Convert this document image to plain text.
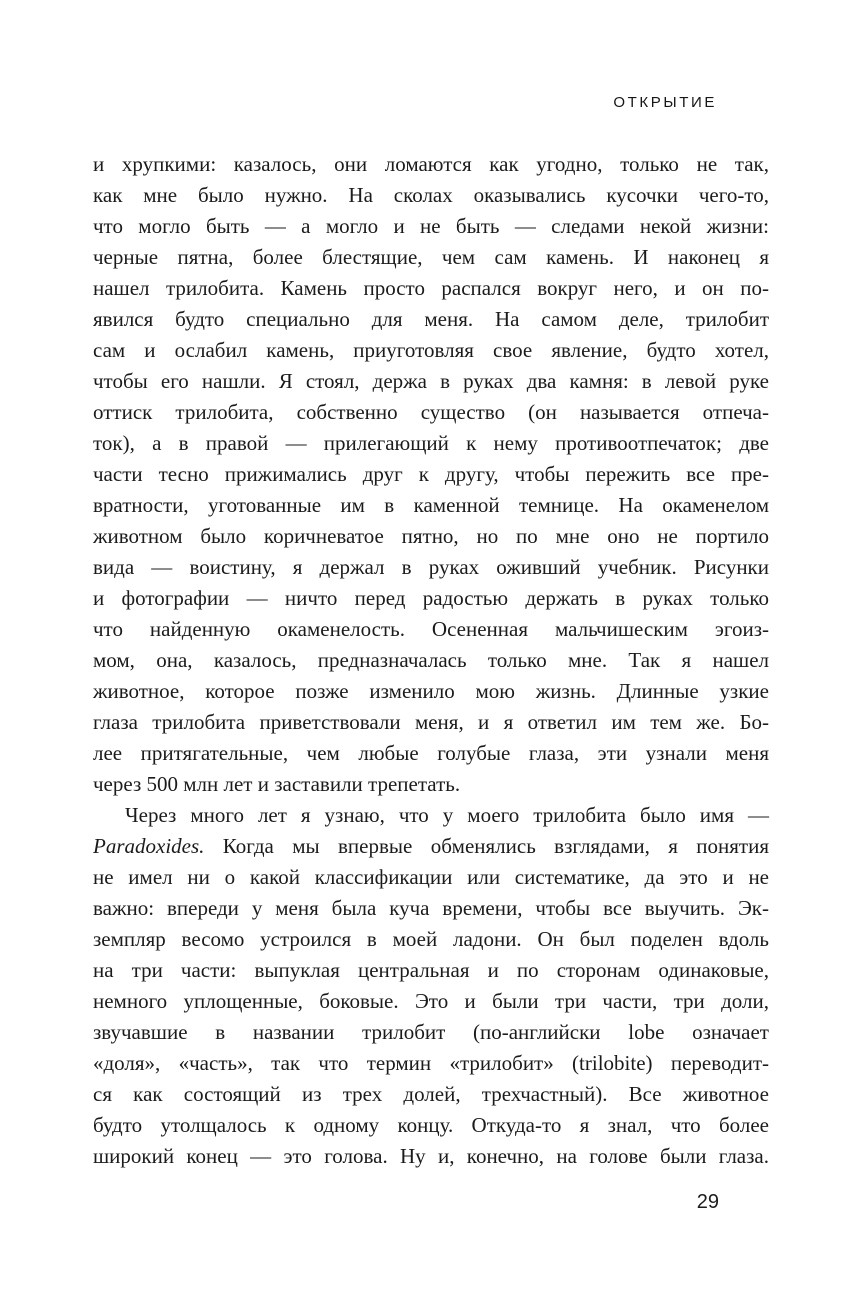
ОТКРЫТИЕ
и хрупкими: казалось, они ломаются как угодно, только не так,
как мне было нужно. На сколах оказывались кусочки чего-то,
что могло быть — а могло и не быть — следами некой жизни:
черные пятна, более блестящие, чем сам камень. И наконец я
нашел трилобита. Камень просто распался вокруг него, и он по-
явился будто специально для меня. На самом деле, трилобит
сам и ослабил камень, приуготовляя свое явление, будто хотел,
чтобы его нашли. Я стоял, держа в руках два камня: в левой руке
оттиск трилобита, собственно существо (он называется отпеча-
ток), а в правой — прилегающий к нему противоотпечаток; две
части тесно прижимались друг к другу, чтобы пережить все пре-
вратности, уготованные им в каменной темнице. На окаменелом
животном было коричневатое пятно, но по мне оно не портило
вида — воистину, я держал в руках оживший учебник. Рисунки
и фотографии — ничто перед радостью держать в руках только
что найденную окаменелость. Осененная мальчишеским эгоиз-
мом, она, казалось, предназначалась только мне. Так я нашел
животное, которое позже изменило мою жизнь. Длинные узкие
глаза трилобита приветствовали меня, и я ответил им тем же. Бо-
лее притягательные, чем любые голубые глаза, эти узнали меня
через 500 млн лет и заставили трепетать.
Через много лет я узнаю, что у моего трилобита было имя —
Paradoxides. Когда мы впервые обменялись взглядами, я понятия
не имел ни о какой классификации или систематике, да это и не
важно: впереди у меня была куча времени, чтобы все выучить. Эк-
земпляр весомо устроился в моей ладони. Он был поделен вдоль
на три части: выпуклая центральная и по сторонам одинаковые,
немного уплощенные, боковые. Это и были три части, три доли,
звучавшие в названии трилобит (по-английски lobe означает
«доля», «часть», так что термин «трилобит» (trilobite) переводит-
ся как состоящий из трех долей, трехчастный). Все животное
будто утолщалось к одному концу. Откуда-то я знал, что более
широкий конец — это голова. Ну и, конечно, на голове были глаза.
29
